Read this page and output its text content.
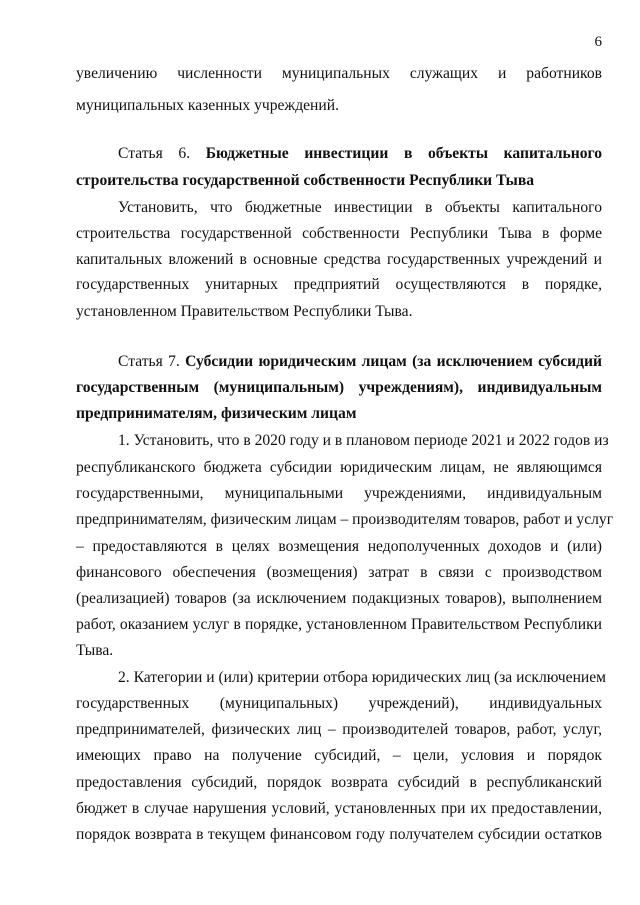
6
увеличению численности муниципальных служащих и работников
муниципальных казенных учреждений.
Статья 6. Бюджетные инвестиции в объекты капитального
строительства государственной собственности Республики Тыва
Установить, что бюджетные инвестиции в объекты капитального
строительства государственной собственности Республики Тыва в форме
капитальных вложений в основные средства государственных учреждений и
государственных унитарных предприятий осуществляются в порядке,
установленном Правительством Республики Тыва.
Статья 7. Субсидии юридическим лицам (за исключением субсидий
государственным (муниципальным) учреждениям), индивидуальным
предпринимателям, физическим лицам
1. Установить, что в 2020 году и в плановом периоде 2021 и 2022 годов из
республиканского бюджета субсидии юридическим лицам, не являющимся
государственными, муниципальными учреждениями, индивидуальным
предпринимателям, физическим лицам – производителям товаров, работ и услуг
– предоставляются в целях возмещения недополученных доходов и (или)
финансового обеспечения (возмещения) затрат в связи с производством
(реализацией) товаров (за исключением подакцизных товаров), выполнением
работ, оказанием услуг в порядке, установленном Правительством Республики
Тыва.
2. Категории и (или) критерии отбора юридических лиц (за исключением
государственных (муниципальных) учреждений), индивидуальных
предпринимателей, физических лиц – производителей товаров, работ, услуг,
имеющих право на получение субсидий, – цели, условия и порядок
предоставления субсидий, порядок возврата субсидий в республиканский
бюджет в случае нарушения условий, установленных при их предоставлении,
порядок возврата в текущем финансовом году получателем субсидии остатков
